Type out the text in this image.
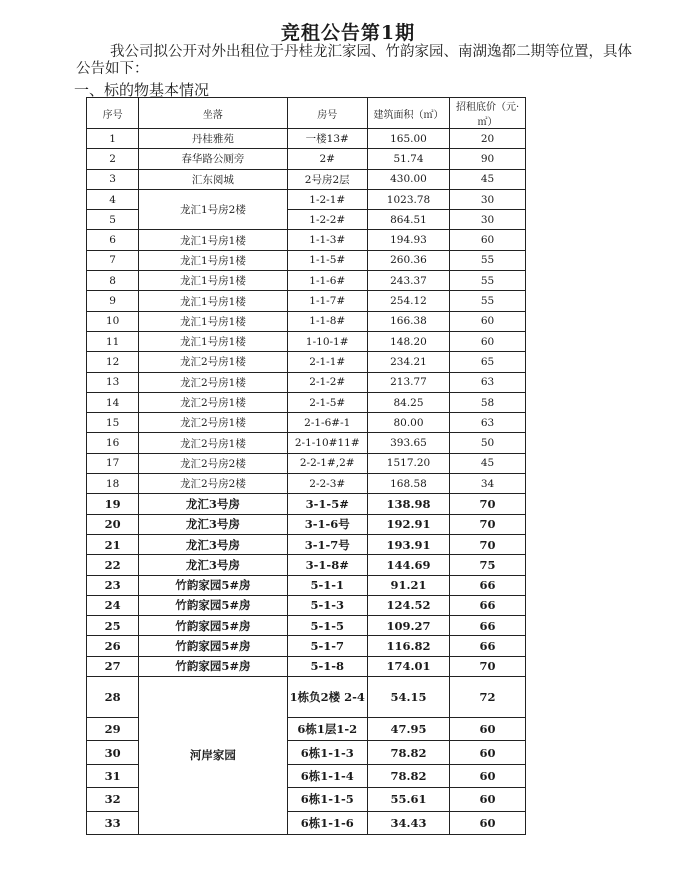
竞租公告第1期
我公司拟公开对外出租位于丹桂龙汇家园、竹韵家园、南湖逸都二期等位置，具体公告如下：
一、标的物基本情况
序号	坐落	房号	建筑面积（㎡）	招租底价（元·㎡）
1	丹桂雅苑	一楼13#	165.00	20
2	春华路公厕旁	2#	51.74	90
3	汇东阅城	2号房2层	430.00	45
4	龙汇1号房2楼	1-2-1#	1023.78	30
5		1-2-2#	864.51	30
6	龙汇1号房1楼	1-1-3#	194.93	60
7	龙汇1号房1楼	1-1-5#	260.36	55
8	龙汇1号房1楼	1-1-6#	243.37	55
9	龙汇1号房1楼	1-1-7#	254.12	55
10	龙汇1号房1楼	1-1-8#	166.38	60
11	龙汇1号房1楼	1-10-1#	148.20	60
12	龙汇2号房1楼	2-1-1#	234.21	65
13	龙汇2号房1楼	2-1-2#	213.77	63
14	龙汇2号房1楼	2-1-5#	84.25	58
15	龙汇2号房1楼	2-1-6#-1	80.00	63
16	龙汇2号房1楼	2-1-10#11#	393.65	50
17	龙汇2号房2楼	2-2-1#,2#	1517.20	45
18	龙汇2号房2楼	2-2-3#	168.58	34
19	龙汇3号房	3-1-5#	138.98	70
20	龙汇3号房	3-1-6号	192.91	70
21	龙汇3号房	3-1-7号	193.91	70
22	龙汇3号房	3-1-8#	144.69	75
23	竹韵家园5#房	5-1-1	91.21	66
24	竹韵家园5#房	5-1-3	124.52	66
25	竹韵家园5#房	5-1-5	109.27	66
26	竹韵家园5#房	5-1-7	116.82	66
27	竹韵家园5#房	5-1-8	174.01	70
28	河岸家园	1栋负2楼 2-4	54.15	72
29		6栋1层1-2	47.95	60
30		6栋1-1-3	78.82	60
31		6栋1-1-4	78.82	60
32		6栋1-1-5	55.61	60
33		6栋1-1-6	34.43	60
